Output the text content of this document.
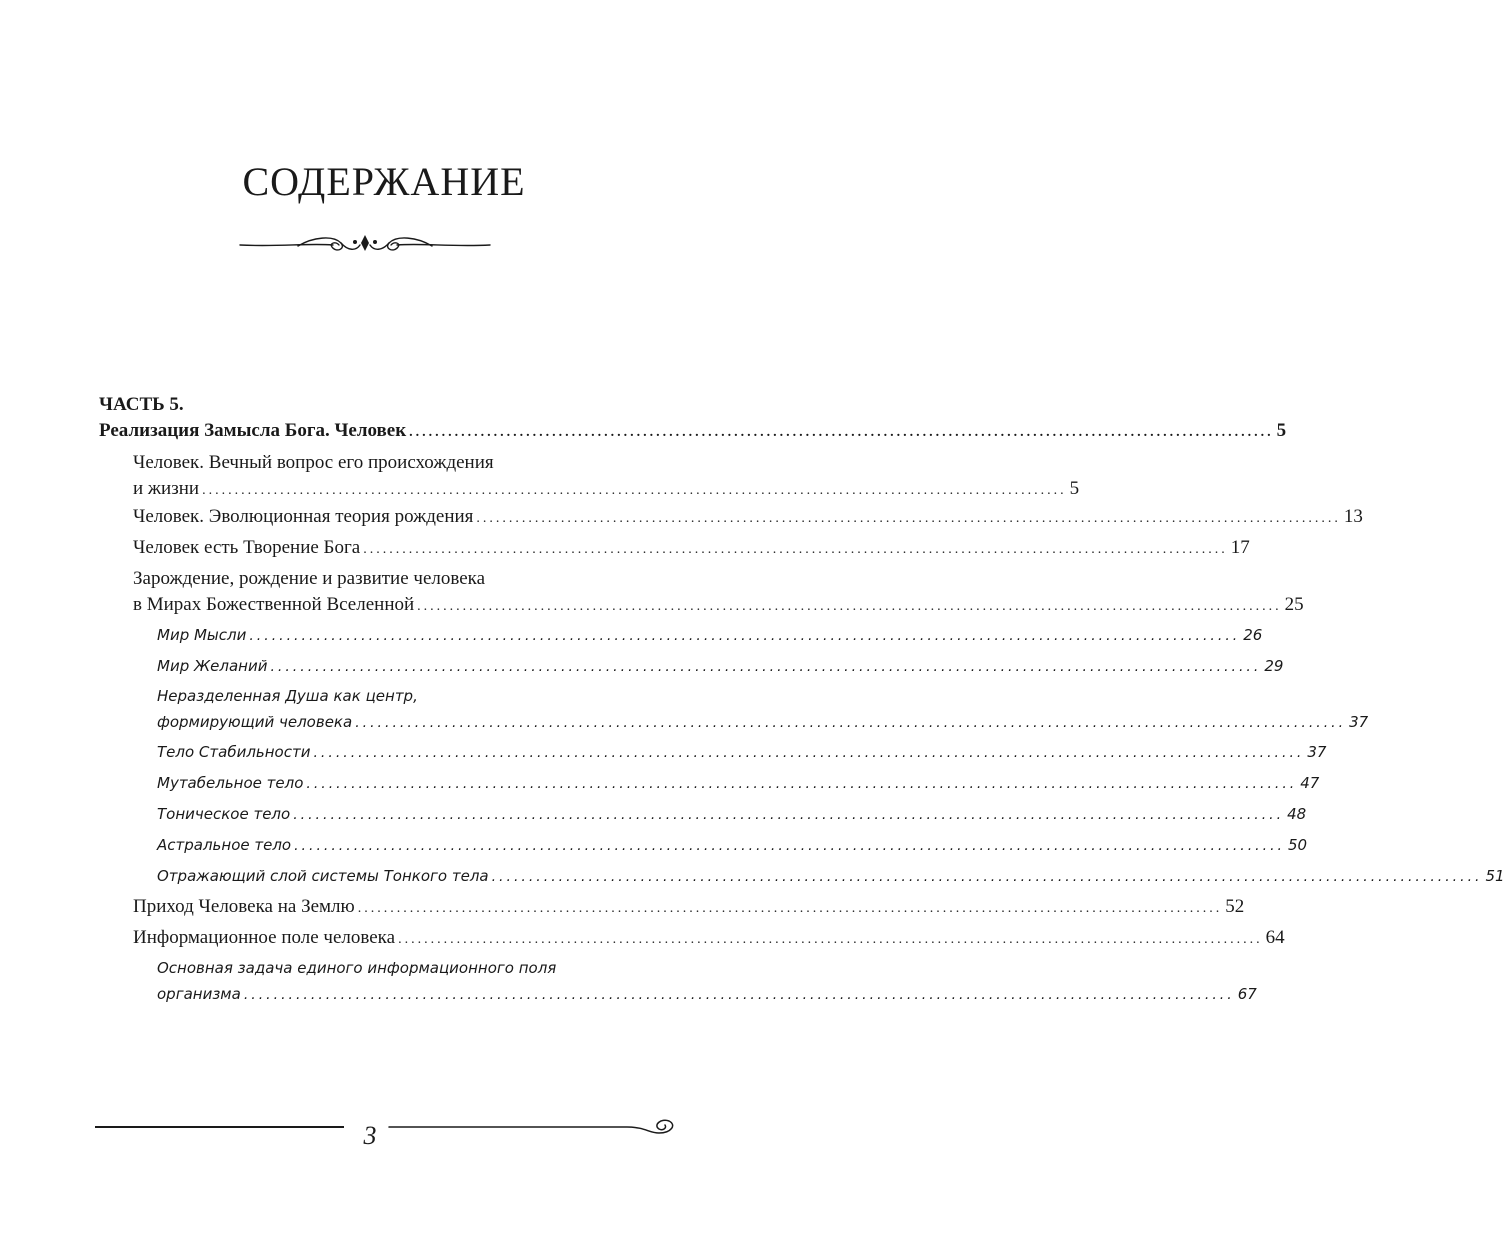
СОДЕРЖАНИЕ
ЧАСТЬ 5.
Реализация Замысла Бога. Человек ..................................................................................................................................... 5
Человек. Вечный вопрос его происхождения
и жизни ..................................................................................................................................... 5
Человек. Эволюционная теория рождения ..................................................................................................................................... 13
Человек есть Творение Бога ..................................................................................................................................... 17
Зарождение, рождение и развитие человека
в Мирах Божественной Вселенной ..................................................................................................................................... 25
Мир Мысли ..................................................................................................................................... 26
Мир Желаний ..................................................................................................................................... 29
Неразделенная Душа как центр,
формирующий человека ..................................................................................................................................... 37
Тело Стабильности ..................................................................................................................................... 37
Мутабельное тело ..................................................................................................................................... 47
Тоническое тело ..................................................................................................................................... 48
Астральное тело ..................................................................................................................................... 50
Отражающий слой системы Тонкого тела ..................................................................................................................................... 51
Приход Человека на Землю ..................................................................................................................................... 52
Информационное поле человека ..................................................................................................................................... 64
Основная задача единого информационного поля
организма ..................................................................................................................................... 67
3
